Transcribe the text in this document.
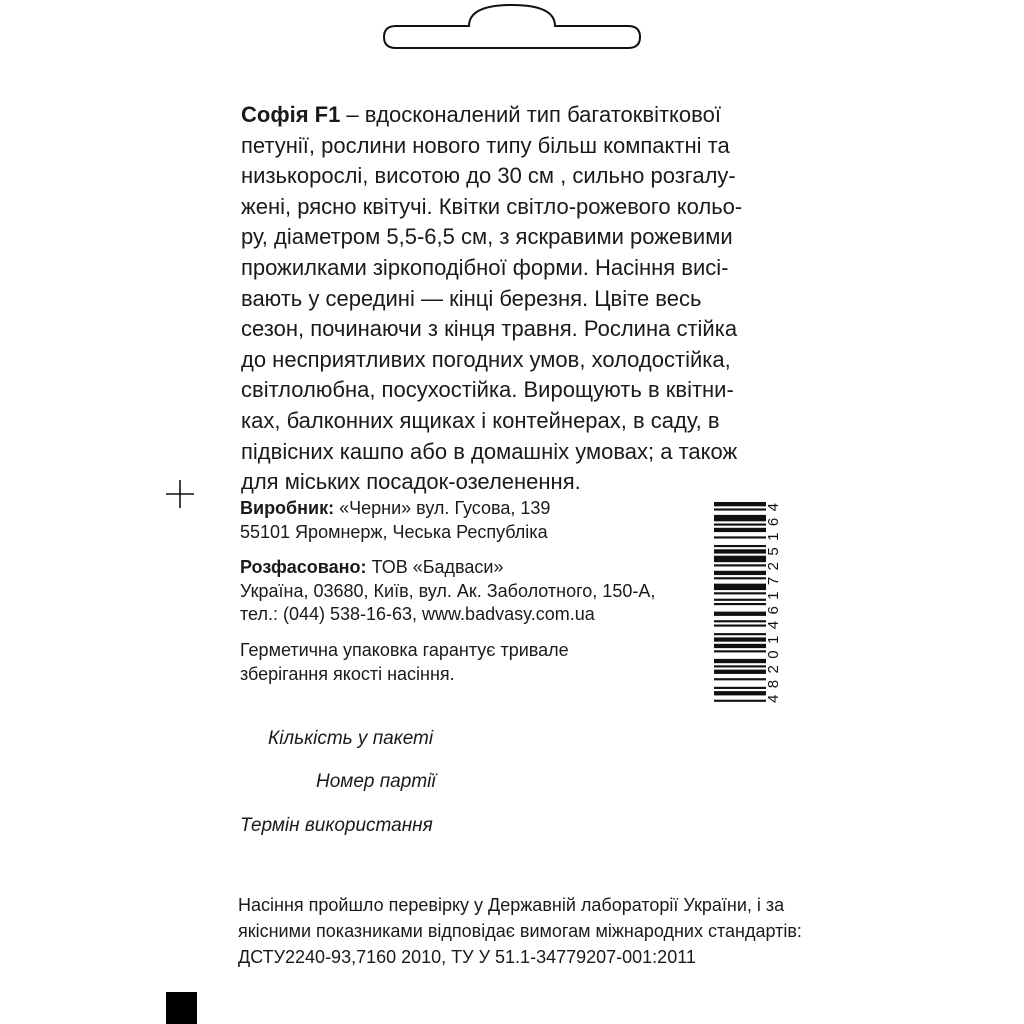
Софія F1 – вдосконалений тип багатоквіткової
петунії, рослини нового типу більш компактні та
низькорослі, висотою до 30 см , сильно розгалу-
жені, рясно квітучі. Квітки світло-рожевого кольо-
ру, діаметром 5,5-6,5 см, з яскравими рожевими
прожилками зіркоподібної форми. Насіння висі-
вають у середині — кінці березня. Цвіте весь
сезон, починаючи з кінця травня. Рослина стійка
до несприятливих погодних умов, холодостійка,
світлолюбна, посухостійка. Вирощують в квітни-
ках, балконних ящиках і контейнерах, в саду, в
підвісних кашпо або в домашніх умовах; а також
для міських посадок-озеленення.
Виробник: «Черни» вул. Гусова, 139
55101 Яромнерж, Чеська Республіка
Розфасовано: ТОВ «Бадваси»
Україна, 03680, Київ, вул. Ак. Заболотного, 150-А,
тел.: (044) 538-16-63, www.badvasy.com.ua
Герметична упаковка гарантує тривале
зберігання якості насіння.
48201461725164
Кількість у пакеті
Номер партії
Термін використання
Насіння пройшло перевірку у Державній лабораторії України, і за
якісними показниками відповідає вимогам міжнародних стандартів:
ДСТУ2240-93,7160 2010, ТУ У 51.1-34779207-001:2011
